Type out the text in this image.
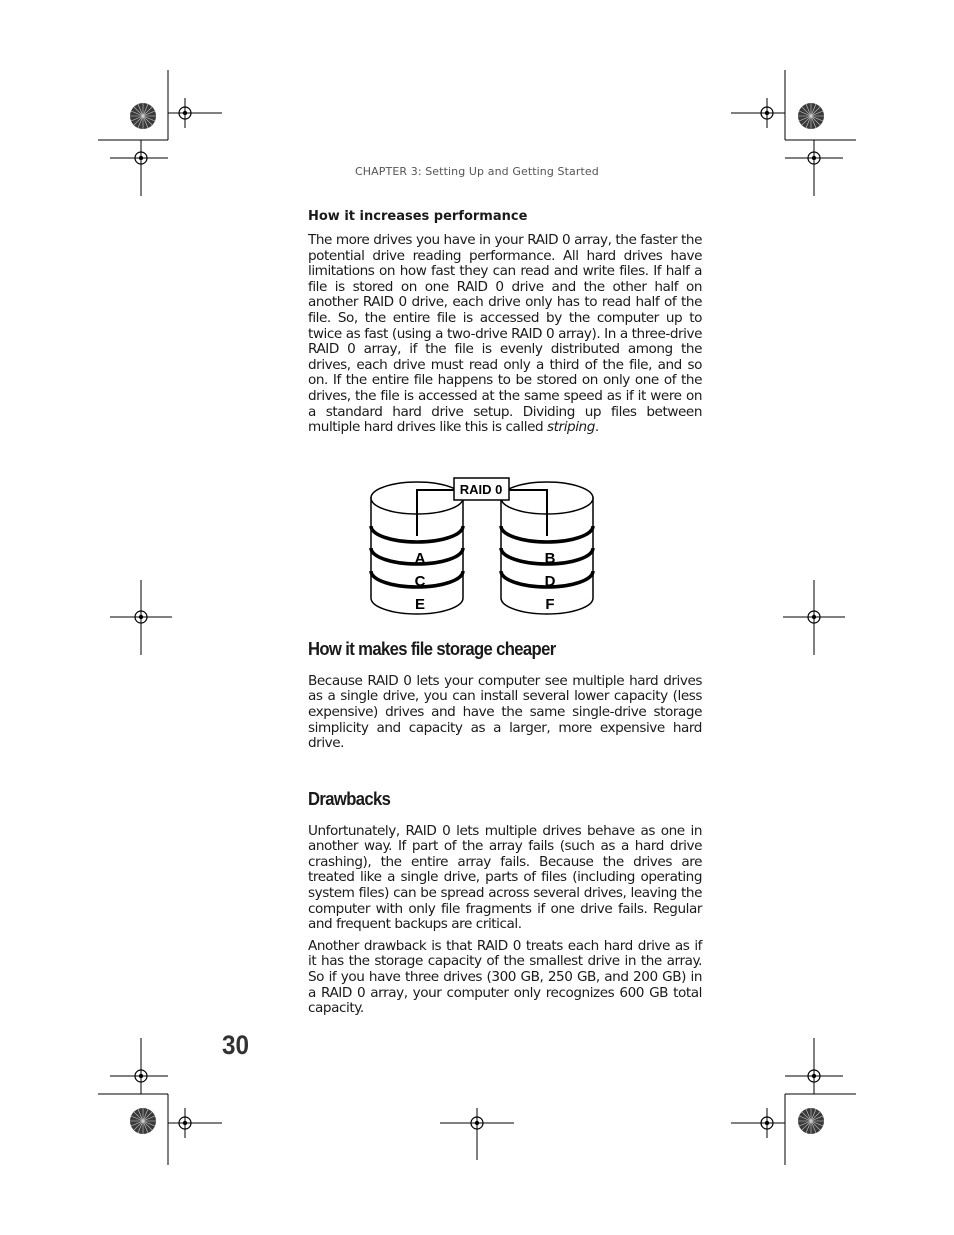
CHAPTER 3: Setting Up and Getting Started
How it increases performance

The more drives you have in your RAID 0 array, the faster the potential drive reading performance. All hard drives have limitations on how fast they can read and write files. If half a file is stored on one RAID 0 drive and the other half on another RAID 0 drive, each drive only has to read half of the file. So, the entire file is accessed by the computer up to twice as fast (using a two-drive RAID 0 array). In a three-drive RAID 0 array, if the file is evenly distributed among the drives, each drive must read only a third of the file, and so on. If the entire file happens to be stored on only one of the drives, the file is accessed at the same speed as if it were on a standard hard drive setup. Dividing up files between multiple hard drives like this is called striping.

RAID 0
A
C
E
B
D
F
How it makes file storage cheaper

Because RAID 0 lets your computer see multiple hard drives as a single drive, you can install several lower capacity (less expensive) drives and have the same single-drive storage simplicity and capacity as a larger, more expensive hard drive.

Drawbacks

Unfortunately, RAID 0 lets multiple drives behave as one in another way. If part of the array fails (such as a hard drive crashing), the entire array fails. Because the drives are treated like a single drive, parts of files (including operating system files) can be spread across several drives, leaving the computer with only file fragments if one drive fails. Regular and frequent backups are critical.

Another drawback is that RAID 0 treats each hard drive as if it has the storage capacity of the smallest drive in the array. So if you have three drives (300 GB, 250 GB, and 200 GB) in a RAID 0 array, your computer only recognizes 600 GB total capacity.

30
